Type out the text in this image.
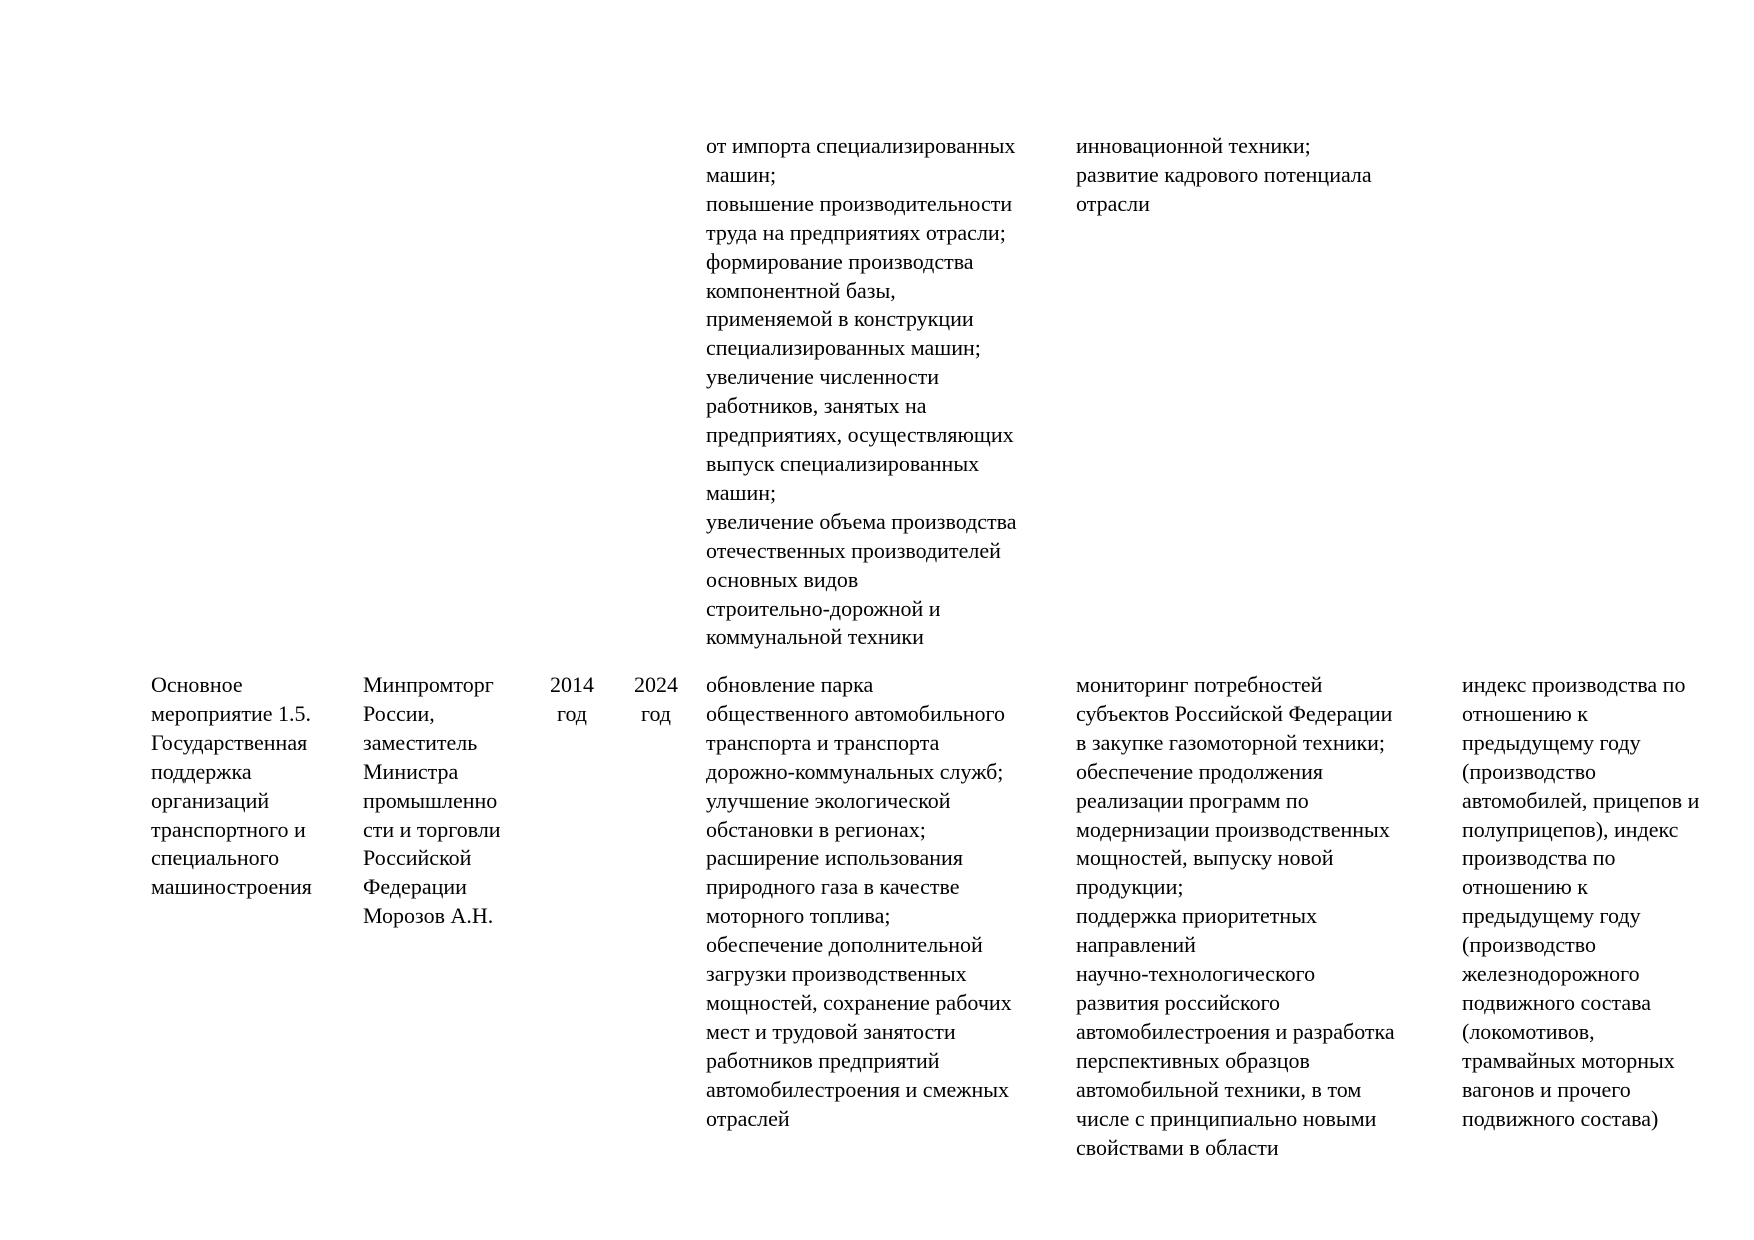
от импорта специализированных
машин;
повышение производительности
труда на предприятиях отрасли;
формирование производства
компонентной базы,
применяемой в конструкции
специализированных машин;
увеличение численности
работников, занятых на
предприятиях, осуществляющих
выпуск специализированных
машин;
увеличение объема производства
отечественных производителей
основных видов
строительно-дорожной и
коммунальной техники
инновационной техники;
развитие кадрового потенциала
отрасли
Основное
мероприятие 1.5.
Государственная
поддержка
организаций
транспортного и
специального
машиностроения
Минпромторг
России,
заместитель
Министра
промышленно
сти и торговли
Российской
Федерации
Морозов А.Н.
2014
год
2024
год
обновление парка
общественного автомобильного
транспорта и транспорта
дорожно-коммунальных служб;
улучшение экологической
обстановки в регионах;
расширение использования
природного газа в качестве
моторного топлива;
обеспечение дополнительной
загрузки производственных
мощностей, сохранение рабочих
мест и трудовой занятости
работников предприятий
автомобилестроения и смежных
отраслей
мониторинг потребностей
субъектов Российской Федерации
в закупке газомоторной техники;
обеспечение продолжения
реализации программ по
модернизации производственных
мощностей, выпуску новой
продукции;
поддержка приоритетных
направлений
научно-технологического
развития российского
автомобилестроения и разработка
перспективных образцов
автомобильной техники, в том
числе с принципиально новыми
свойствами в области
индекс производства по
отношению к
предыдущему году
(производство
автомобилей, прицепов и
полуприцепов), индекс
производства по
отношению к
предыдущему году
(производство
железнодорожного
подвижного состава
(локомотивов,
трамвайных моторных
вагонов и прочего
подвижного состава)
